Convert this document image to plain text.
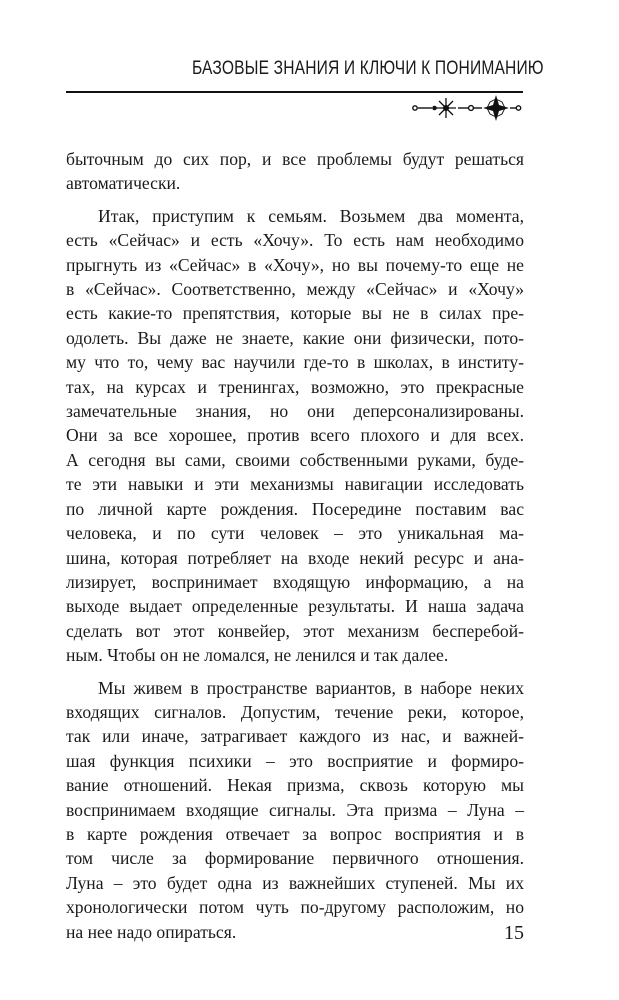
БАЗОВЫЕ ЗНАНИЯ И КЛЮЧИ К ПОНИМАНИЮ

быточным до сих пор, и все проблемы будут решаться

автоматически.

Итак, приступим к семьям. Возьмем два момента,

есть «Сейчас» и есть «Хочу». То есть нам необходимо

прыгнуть из «Сейчас» в «Хочу», но вы почему-то еще не

в «Сейчас». Соответственно, между «Сейчас» и «Хочу»

есть какие-то препятствия, которые вы не в силах пре-

одолеть. Вы даже не знаете, какие они физически, пото-

му что то, чему вас научили где-то в школах, в институ-

тах, на курсах и тренингах, возможно, это прекрасные

замечательные знания, но они деперсонализированы.

Они за все хорошее, против всего плохого и для всех.

А сегодня вы сами, своими собственными руками, буде-

те эти навыки и эти механизмы навигации исследовать

по личной карте рождения. Посередине поставим вас

человека, и по сути человек – это уникальная ма-

шина, которая потребляет на входе некий ресурс и ана-

лизирует, воспринимает входящую информацию, а на

выходе выдает определенные результаты. И наша задача

сделать вот этот конвейер, этот механизм бесперебой-

ным. Чтобы он не ломался, не ленился и так далее.

Мы живем в пространстве вариантов, в наборе неких

входящих сигналов. Допустим, течение реки, которое,

так или иначе, затрагивает каждого из нас, и важней-

шая функция психики – это восприятие и формиро-

вание отношений. Некая призма, сквозь которую мы

воспринимаем входящие сигналы. Эта призма – Луна –

в карте рождения отвечает за вопрос восприятия и в

том числе за формирование первичного отношения.

Луна – это будет одна из важнейших ступеней. Мы их

хронологически потом чуть по-другому расположим, но

на нее надо опираться.	15
